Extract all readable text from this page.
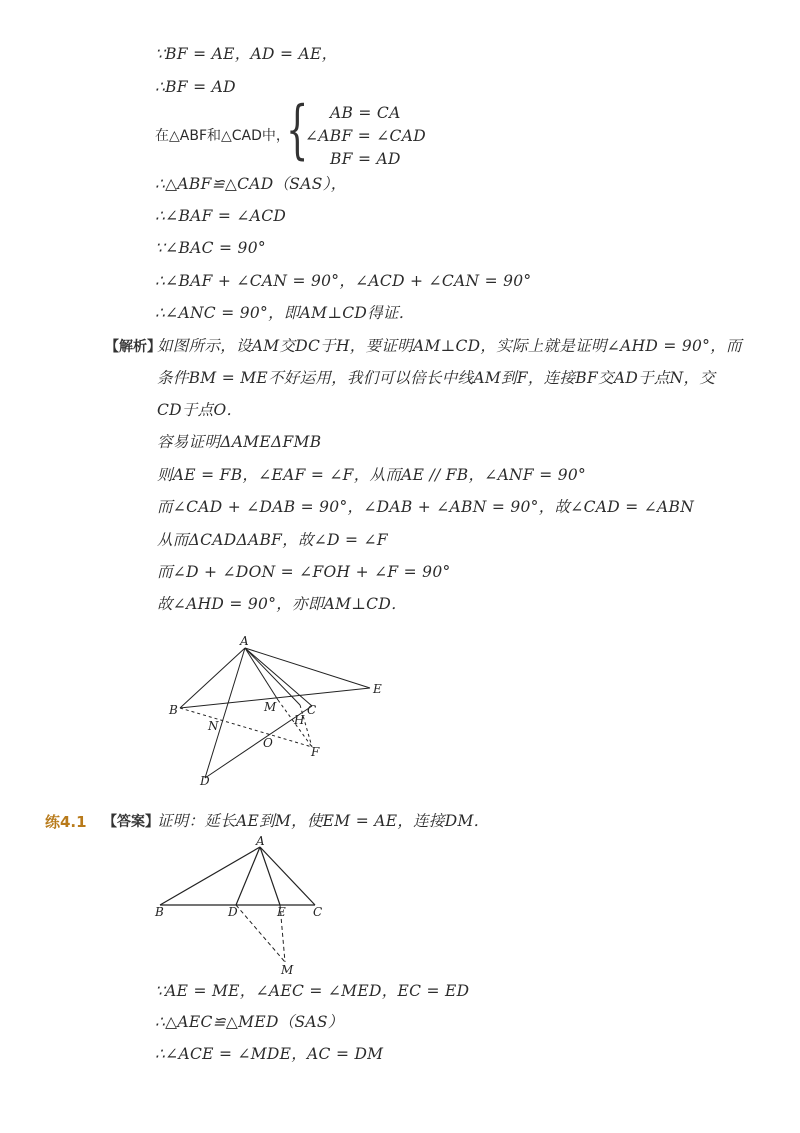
∵BF = AE，AD = AE，
∴BF = AD
在△ABF和△CAD中，
{ AB = CA
∠ABF = ∠CAD
BF = AD
∴△ABF≌△CAD（SAS），
∴∠BAF = ∠ACD
∵∠BAC = 90°
∴∠BAF + ∠CAN = 90°，∠ACD + ∠CAN = 90°
∴∠ANC = 90°，即AM⊥CD得证．
【解析】
如图所示，设AM交DC于H，要证明AM⊥CD，实际上就是证明∠AHD = 90°，而
条件BM = ME不好运用，我们可以倍长中线AM到F，连接BF交AD于点N，交
CD于点O．
容易证明ΔAMEΔFMB
则AE = FB，∠EAF = ∠F，从而AE // FB，∠ANF = 90°
而∠CAD + ∠DAB = 90°，∠DAB + ∠ABN = 90°，故∠CAD = ∠ABN
从而ΔCADΔABF，故∠D = ∠F
而∠D + ∠DON = ∠FOH + ∠F = 90°
故∠AHD = 90°，亦即AM⊥CD．
A
E
B	M	C
H
N
O
F
D
练4.1 【答案】
证明：延长AE到M，使EM = AE，连接DM．
A
B	D	E C
M
∵AE = ME，∠AEC = ∠MED，EC = ED
∴△AEC≌△MED（SAS）
∴∠ACE = ∠MDE，AC = DM
